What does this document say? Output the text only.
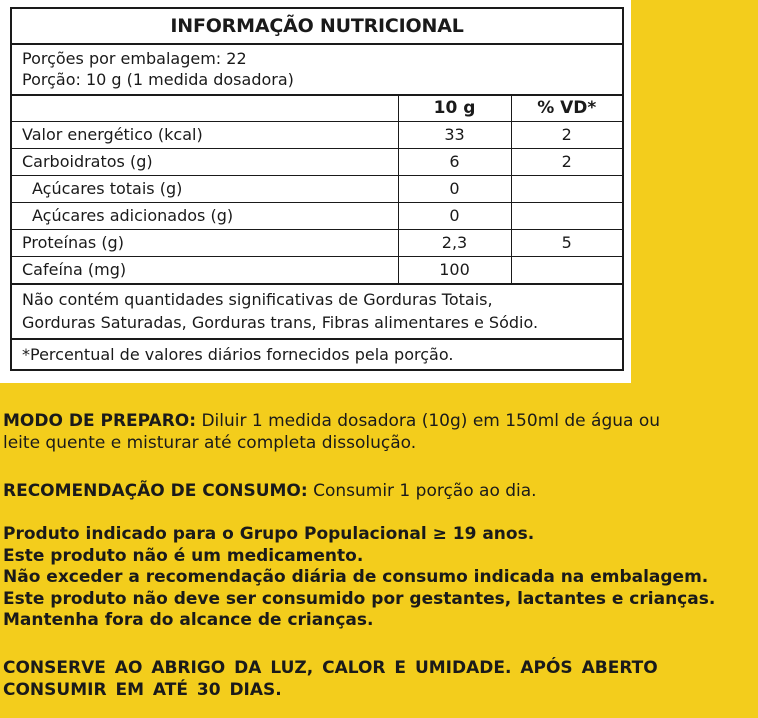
INFORMAÇÃO NUTRICIONAL
Porções por embalagem: 22
Porção: 10 g (1 medida dosadora)
	10 g	% VD*
Valor energético (kcal)	33	2
Carboidratos (g)	6	2
Açúcares totais (g)	0	
Açúcares adicionados (g)	0	
Proteínas (g)	2,3	5
Cafeína (mg)	100	
Não contém quantidades significativas de Gorduras Totais,
Gorduras Saturadas, Gorduras trans, Fibras alimentares e Sódio.
*Percentual de valores diários fornecidos pela porção.
MODO DE PREPARO: Diluir 1 medida dosadora (10g) em 150ml de água ou
leite quente e misturar até completa dissolução.
RECOMENDAÇÃO DE CONSUMO: Consumir 1 porção ao dia.
Produto indicado para o Grupo Populacional ≥ 19 anos.
Este produto não é um medicamento.
Não exceder a recomendação diária de consumo indicada na embalagem.
Este produto não deve ser consumido por gestantes, lactantes e crianças.
Mantenha fora do alcance de crianças.
CONSERVE AO ABRIGO DA LUZ, CALOR E UMIDADE. APÓS ABERTO
CONSUMIR EM ATÉ 30 DIAS.
